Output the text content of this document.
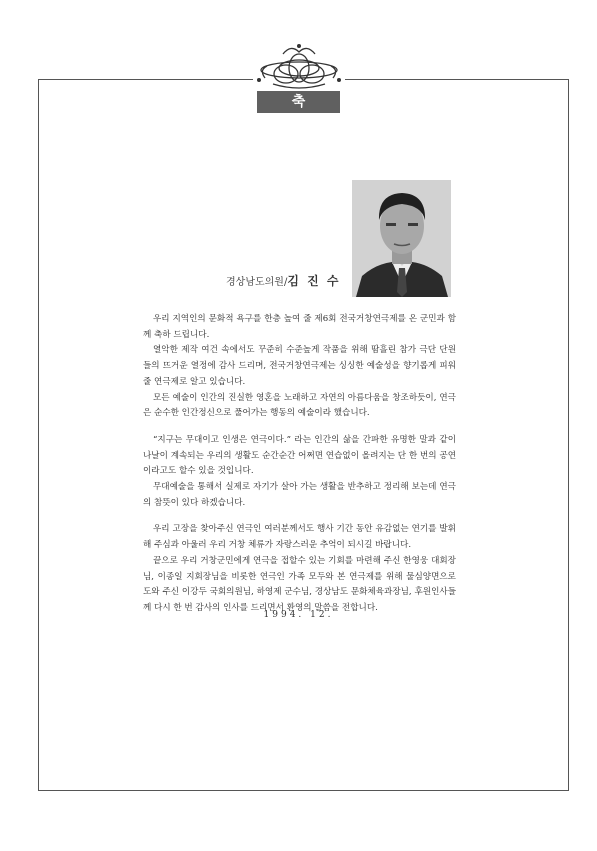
축 사
경상남도의원/김 진 수

우리 지역인의 문화적 욕구를 한층 높여 줄 제6회 전국거창연극제를 온 군민과 함께 축하 드립니다.

열악한 제작 여건 속에서도 꾸준히 수준높게 작품을 위해 땀흘린 참가 극단 단원들의 뜨거운 열정에 감사 드리며, 전국거창연극제는 싱싱한 예술성을 향기롭게 피워 줄 연극제로 알고 있습니다.

모든 예술이 인간의 진실한 영혼을 노래하고 자연의 아름다움을 창조하듯이, 연극은 순수한 인간정신으로 풀어가는 행동의 예술이라 했습니다.

“지구는 무대이고 인생은 연극이다.” 라는 인간의 삶을 간파한 유명한 말과 같이 나날이 계속되는 우리의 생활도 순간순간 어쩌면 연습없이 올려지는 단 한 번의 공연이라고도 할수 있을 것입니다.

무대예술을 통해서 실제로 자기가 살아 가는 생활을 반추하고 정리해 보는데 연극의 참뜻이 있다 하겠습니다.

우리 고장을 찾아주신 연극인 여러분께서도 행사 기간 동안 유감없는 연기를 발휘해 주심과 아울러 우리 거창 체류가 자랑스러운 추억이 되시길 바랍니다.

끝으로 우리 거창군민에게 연극을 접할수 있는 기회를 마련해 주신 한영웅 대회장님, 이종일 지회장님을 비롯한 연극인 가족 모두와 본 연극제를 위해 물심양면으로 도와 주신 이강두 국회의원님, 하영제 군수님, 경상남도 문화체육과장님, 후원인사들께 다시 한 번 감사의 인사를 드리면서 환영의 말씀을 전합니다.

1994. 12.
